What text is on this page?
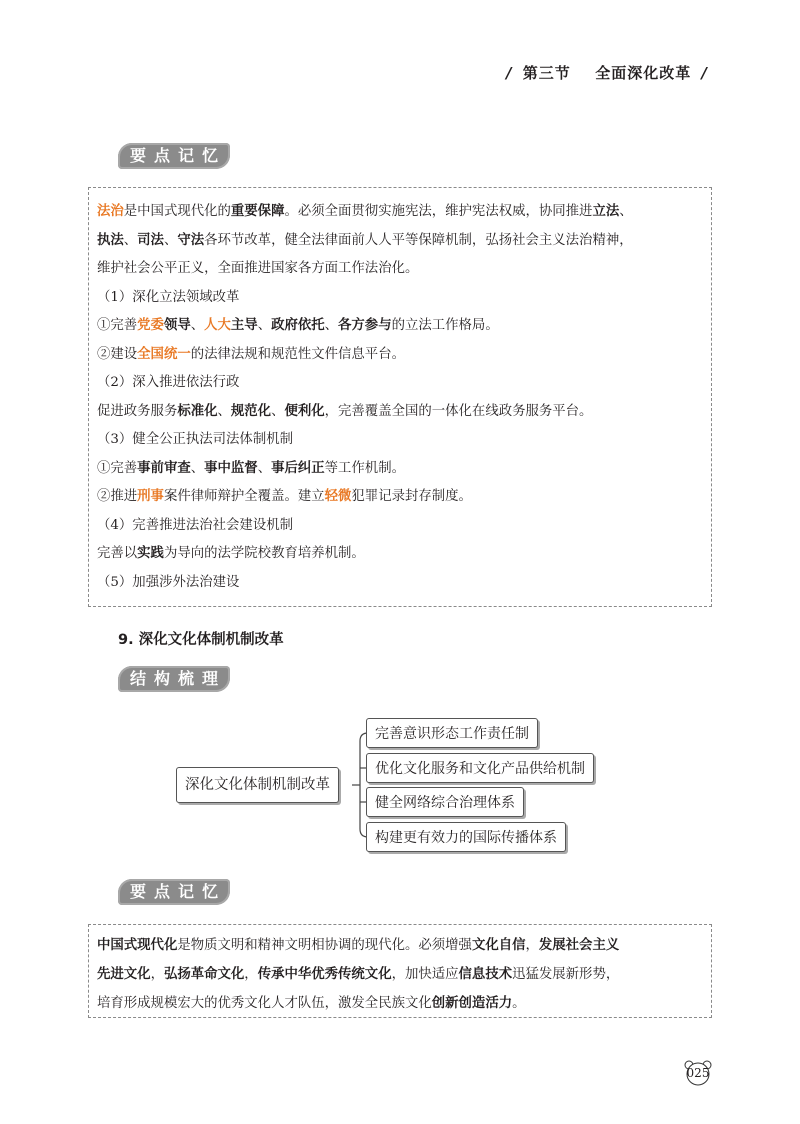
/ 第三节 全面深化改革 /
要点记忆

法治是中国式现代化的重要保障。必须全面贯彻实施宪法，维护宪法权威，协同推进立法、

执法、司法、守法各环节改革，健全法律面前人人平等保障机制，弘扬社会主义法治精神，

维护社会公平正义，全面推进国家各方面工作法治化。

（1）深化立法领域改革

①完善党委领导、人大主导、政府依托、各方参与的立法工作格局。

②建设全国统一的法律法规和规范性文件信息平台。

（2）深入推进依法行政

促进政务服务标准化、规范化、便利化，完善覆盖全国的一体化在线政务服务平台。

（3）健全公正执法司法体制机制

①完善事前审查、事中监督、事后纠正等工作机制。

②推进刑事案件律师辩护全覆盖。建立轻微犯罪记录封存制度。

（4）完善推进法治社会建设机制

完善以实践为导向的法学院校教育培养机制。

（5）加强涉外法治建设

9. 深化文化体制机制改革
结构梳理
深化文化体制机制改革
完善意识形态工作责任制
优化文化服务和文化产品供给机制
健全网络综合治理体系
构建更有效力的国际传播体系
要点记忆

中国式现代化是物质文明和精神文明相协调的现代化。必须增强文化自信，发展社会主义

先进文化，弘扬革命文化，传承中华优秀传统文化，加快适应信息技术迅猛发展新形势，

培育形成规模宏大的优秀文化人才队伍，激发全民族文化创新创造活力。

025
